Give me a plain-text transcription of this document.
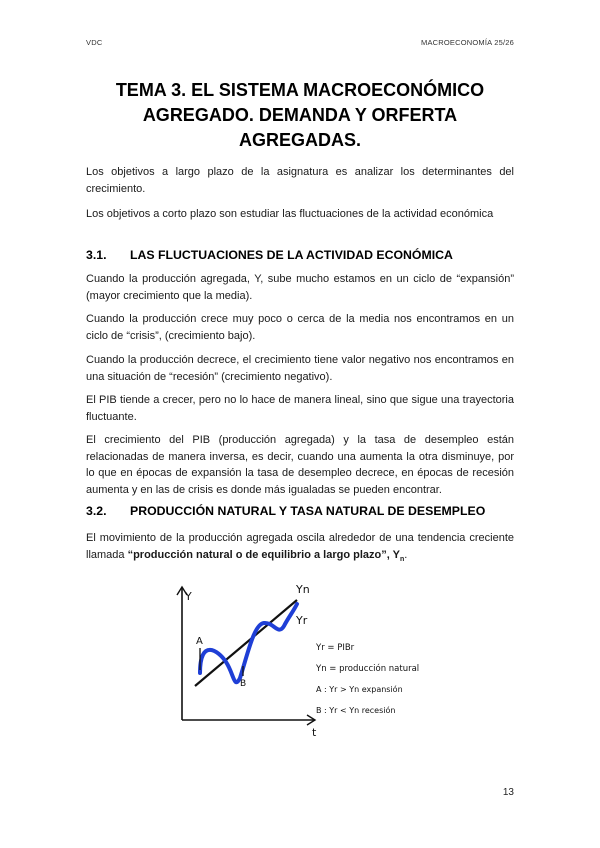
VDC	MACROECONOMÍA 25/26
TEMA 3. EL SISTEMA MACROECONÓMICO AGREGADO. DEMANDA Y ORFERTA AGREGADAS.

Los objetivos a largo plazo de la asignatura es analizar los determinantes del crecimiento.

Los objetivos a corto plazo son estudiar las fluctuaciones de la actividad económica

3.1. LAS FLUCTUACIONES DE LA ACTIVIDAD ECONÓMICA

Cuando la producción agregada, Y, sube mucho estamos en un ciclo de “expansión” (mayor crecimiento que la media).

Cuando la producción crece muy poco o cerca de la media nos encontramos en un ciclo de “crisis”, (crecimiento bajo).

Cuando la producción decrece, el crecimiento tiene valor negativo nos encontramos en una situación de “recesión” (crecimiento negativo).

El PIB tiende a crecer, pero no lo hace de manera lineal, sino que sigue una trayectoria fluctuante.

El crecimiento del PIB (producción agregada) y la tasa de desempleo están relacionadas de manera inversa, es decir, cuando una aumenta la otra disminuye, por lo que en épocas de expansión la tasa de desempleo decrece, en épocas de recesión aumenta y en las de crisis es donde más igualadas se pueden encontrar.

3.2. PRODUCCIÓN NATURAL Y TASA NATURAL DE DESEMPLEO

El movimiento de la producción agregada oscila alrededor de una tendencia creciente llamada “producción natural o de equilibrio a largo plazo”, $Y_n$.

Y
t
A
B
Yn
Yr
Yr = PIBr
Yn = producción natural
A : Yr > Yn expansión
B : Yr < Yn recesión
13
